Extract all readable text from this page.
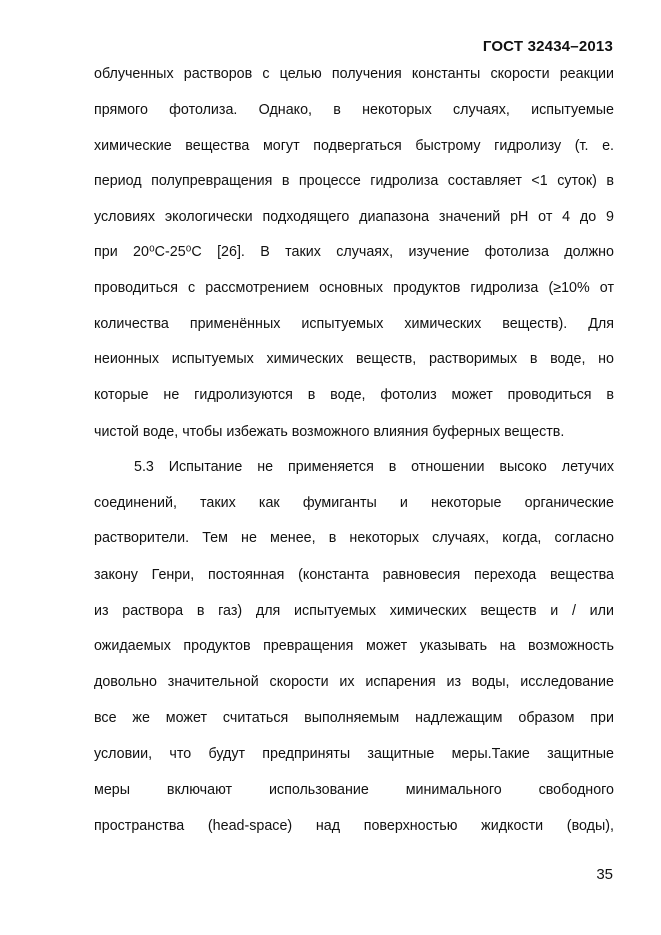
ГОСТ 32434–2013
облученных растворов с целью получения константы скорости реакции
прямого фотолиза. Однако, в некоторых случаях, испытуемые
химические вещества могут подвергаться быстрому гидролизу (т. е.
период полупревращения в процессе гидролиза составляет <1 суток) в
условиях экологически подходящего диапазона значений pH от 4 до 9
при 20⁰С-25⁰С [26]. В таких случаях, изучение фотолиза должно
проводиться с рассмотрением основных продуктов гидролиза (≥10% от
количества применённых испытуемых химических веществ). Для
неионных испытуемых химических веществ, растворимых в воде, но
которые не гидролизуются в воде, фотолиз может проводиться в
чистой воде, чтобы избежать возможного влияния буферных веществ.
5.3 Испытание не применяется в отношении высоко летучих
соединений, таких как фумиганты и некоторые органические
растворители. Тем не менее, в некоторых случаях, когда, согласно
закону Генри, постоянная (константа равновесия перехода вещества
из раствора в газ) для испытуемых химических веществ и / или
ожидаемых продуктов превращения может указывать на возможность
довольно значительной скорости их испарения из воды, исследование
все же может считаться выполняемым надлежащим образом при
условии, что будут предприняты защитные меры.Такие защитные
меры включают использование минимального свободного
пространства (head-space) над поверхностью жидкости (воды),
35
